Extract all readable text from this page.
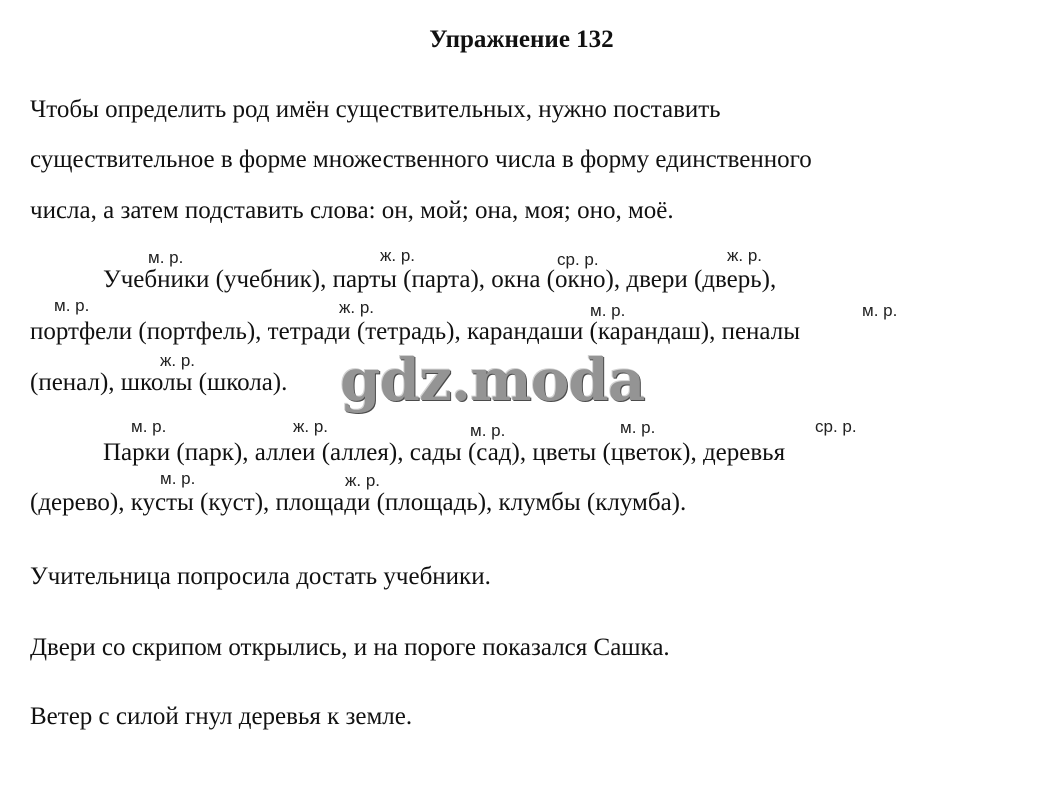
Упражнение 132
Чтобы определить род имён существительных, нужно поставить
существительное в форме множественного числа в форму единственного
числа, а затем подставить слова: он, мой; она, моя; оно, моё.
м. р.	ж. р.	ср. р.	ж. р.
Учебники (учебник), парты (парта), окна (окно), двери (дверь),
м. р.	ж. р.	м. р.	м. р.
портфели (портфель), тетради (тетрадь), карандаши (карандаш), пеналы
ж. р.
(пенал), школы (школа).
м. р.	ж. р.	м. р.	м. р.	ср. р.
Парки (парк), аллеи (аллея), сады (сад), цветы (цветок), деревья
м. р.	ж. р.
(дерево), кусты (куст), площади (площадь), клумбы (клумба).
Учительница попросила достать учебники.
Двери со скрипом открылись, и на пороге показался Сашка.
Ветер с силой гнул деревья к земле.
gdz.moda
